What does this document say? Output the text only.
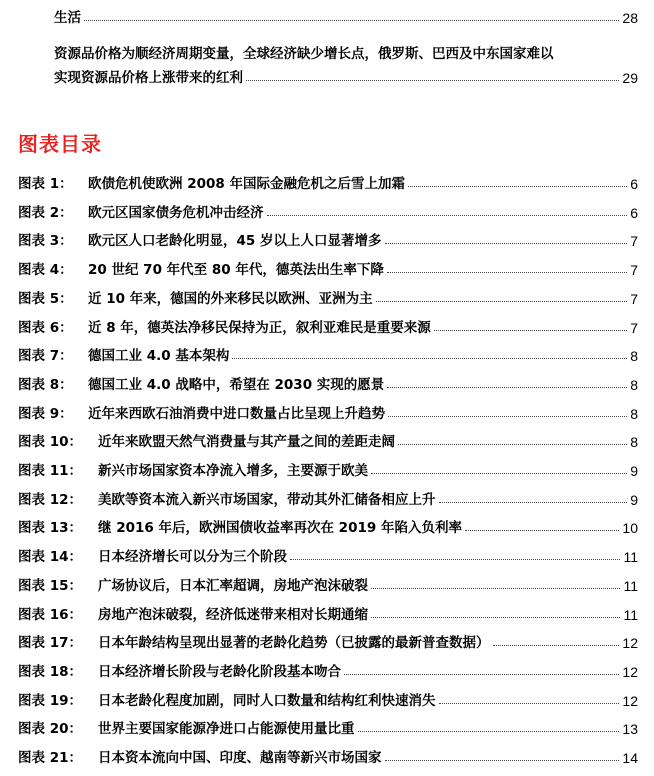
生活	28
资源品价格为顺经济周期变量，全球经济缺少增长点，俄罗斯、巴西及中东国家难以
实现资源品价格上涨带来的红利	29
图表目录
图表 1：	欧债危机使欧洲 2008 年国际金融危机之后雪上加霜	6
图表 2：	欧元区国家债务危机冲击经济	6
图表 3：	欧元区人口老龄化明显，45 岁以上人口显著增多	7
图表 4：	20 世纪 70 年代至 80 年代，德英法出生率下降	7
图表 5：	近 10 年来，德国的外来移民以欧洲、亚洲为主	7
图表 6：	近 8 年，德英法净移民保持为正，叙利亚难民是重要来源	7
图表 7：	德国工业 4.0 基本架构	8
图表 8：	德国工业 4.0 战略中，希望在 2030 实现的愿景	8
图表 9：	近年来西欧石油消费中进口数量占比呈现上升趋势	8
图表 10：	近年来欧盟天然气消费量与其产量之间的差距走阔	8
图表 11：	新兴市场国家资本净流入增多，主要源于欧美	9
图表 12：	美欧等资本流入新兴市场国家，带动其外汇储备相应上升	9
图表 13：	继 2016 年后，欧洲国债收益率再次在 2019 年陷入负利率	10
图表 14：	日本经济增长可以分为三个阶段	11
图表 15：	广场协议后，日本汇率超调，房地产泡沫破裂	11
图表 16：	房地产泡沫破裂，经济低迷带来相对长期通缩	11
图表 17：	日本年龄结构呈现出显著的老龄化趋势（已披露的最新普查数据）	12
图表 18：	日本经济增长阶段与老龄化阶段基本吻合	12
图表 19：	日本老龄化程度加剧，同时人口数量和结构红利快速消失	12
图表 20：	世界主要国家能源净进口占能源使用量比重	13
图表 21：	日本资本流向中国、印度、越南等新兴市场国家	14
